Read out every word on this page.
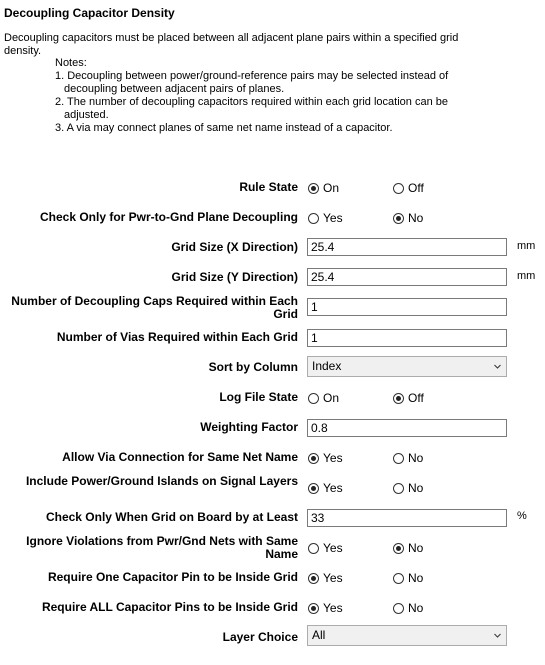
Decoupling Capacitor Density
Decoupling capacitors must be placed between all adjacent plane pairs within a specified grid density.
Notes:
1. Decoupling between power/ground-reference pairs may be selected instead of
decoupling between adjacent pairs of planes.
2. The number of decoupling capacitors required within each grid location can be
adjusted.
3. A via may connect planes of same net name instead of a capacitor.
Rule State On	Off
Check Only for Pwr-to-Gnd Plane Decoupling Yes	No
Grid Size (X Direction)	25.4	mm
Grid Size (Y Direction)	25.4	mm
Number of Decoupling Caps Required within Each Grid	1
Number of Vias Required within Each Grid	1
Sort by Column	Index
Log File State On	Off
Weighting Factor	0.8
Allow Via Connection for Same Net Name Yes	No
Include Power/Ground Islands on Signal Layers Yes	No
Check Only When Grid on Board by at Least	33	%
Ignore Violations from Pwr/Gnd Nets with Same Name Yes	No
Require One Capacitor Pin to be Inside Grid Yes	No
Require ALL Capacitor Pins to be Inside Grid Yes	No
Layer Choice	All
